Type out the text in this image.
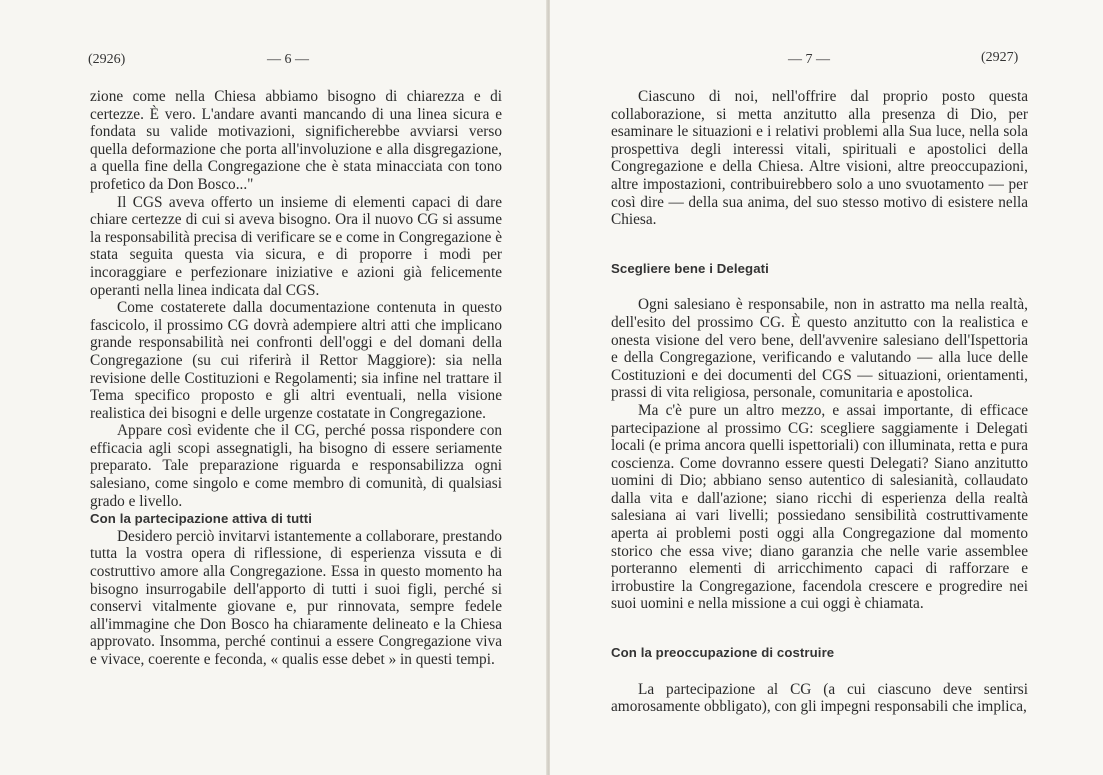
(2926)	— 6 —

zione come nella Chiesa abbiamo bisogno di chiarezza e di certezze. È vero. L'andare avanti mancando di una linea sicura e fondata su valide motivazioni, significherebbe avviarsi verso quella deformazione che porta all'involuzione e alla disgregazione, a quella fine della Congregazione che è stata minacciata con tono profetico da Don Bosco..."

Il CGS aveva offerto un insieme di elementi capaci di dare chiare certezze di cui si aveva bisogno. Ora il nuovo CG si assume la responsabilità precisa di verificare se e come in Congregazione è stata seguita questa via sicura, e di proporre i modi per incoraggiare e perfezionare iniziative e azioni già felicemente operanti nella linea indicata dal CGS.

Come costaterete dalla documentazione contenuta in questo fascicolo, il prossimo CG dovrà adempiere altri atti che implicano grande responsabilità nei confronti dell'oggi e del domani della Congregazione (su cui riferirà il Rettor Maggiore): sia nella revisione delle Costituzioni e Regolamenti; sia infine nel trattare il Tema specifico proposto e gli altri eventuali, nella visione realistica dei bisogni e delle urgenze costatate in Congregazione.

Appare così evidente che il CG, perché possa rispondere con efficacia agli scopi assegnatigli, ha bisogno di essere seriamente preparato. Tale preparazione riguarda e responsabilizza ogni salesiano, come singolo e come membro di comunità, di qualsiasi grado e livello.

Con la partecipazione attiva di tutti

Desidero perciò invitarvi istantemente a collaborare, prestando tutta la vostra opera di riflessione, di esperienza vissuta e di costruttivo amore alla Congregazione. Essa in questo momento ha bisogno insurrogabile dell'apporto di tutti i suoi figli, perché si conservi vitalmente giovane e, pur rinnovata, sempre fedele all'immagine che Don Bosco ha chiaramente delineato e la Chiesa approvato. Insomma, perché continui a essere Congregazione viva e vivace, coerente e feconda, « qualis esse debet » in questi tempi.

— 7 —	(2927)

Ciascuno di noi, nell'offrire dal proprio posto questa collaborazione, si metta anzitutto alla presenza di Dio, per esaminare le situazioni e i relativi problemi alla Sua luce, nella sola prospettiva degli interessi vitali, spirituali e apostolici della Congregazione e della Chiesa. Altre visioni, altre preoccupazioni, altre impostazioni, contribuirebbero solo a uno svuotamento — per così dire — della sua anima, del suo stesso motivo di esistere nella Chiesa.

Scegliere bene i Delegati

Ogni salesiano è responsabile, non in astratto ma nella realtà, dell'esito del prossimo CG. È questo anzitutto con la realistica e onesta visione del vero bene, dell'avvenire salesiano dell'Ispettoria e della Congregazione, verificando e valutando — alla luce delle Costituzioni e dei documenti del CGS — situazioni, orientamenti, prassi di vita religiosa, personale, comunitaria e apostolica.

Ma c'è pure un altro mezzo, e assai importante, di efficace partecipazione al prossimo CG: scegliere saggiamente i Delegati locali (e prima ancora quelli ispettoriali) con illuminata, retta e pura coscienza. Come dovranno essere questi Delegati? Siano anzitutto uomini di Dio; abbiano senso autentico di salesianità, collaudato dalla vita e dall'azione; siano ricchi di esperienza della realtà salesiana ai vari livelli; possiedano sensibilità costruttivamente aperta ai problemi posti oggi alla Congregazione dal momento storico che essa vive; diano garanzia che nelle varie assemblee porteranno elementi di arricchimento capaci di rafforzare e irrobustire la Congregazione, facendola crescere e progredire nei suoi uomini e nella missione a cui oggi è chiamata.

Con la preoccupazione di costruire

La partecipazione al CG (a cui ciascuno deve sentirsi amorosamente obbligato), con gli impegni responsabili che implica,
